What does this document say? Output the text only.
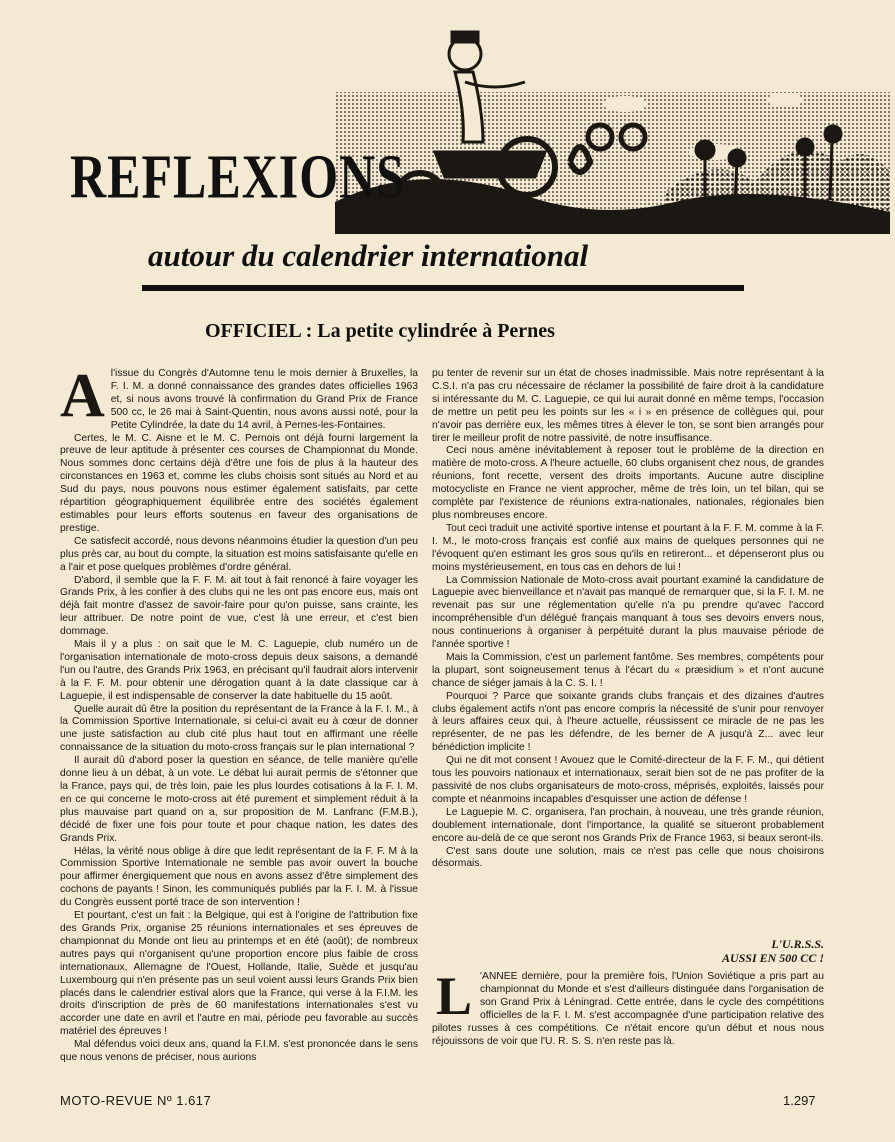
le cross
REFLEXIONS
autour du calendrier international
OFFICIEL : La petite cylindrée à Pernes
A l'issue du Congrès d'Automne tenu le mois dernier à Bruxelles, la F. I. M. a donné connaissance des grandes dates officielles 1963 et, si nous avons trouvé là confirmation du Grand Prix de France 500 cc, le 26 mai à Saint-Quentin, nous avons aussi noté, pour la Petite Cylindrée, la date du 14 avril, à Pernes-les-Fontaines.

Certes, le M. C. Aisne et le M. C. Pernois ont déjà fourni largement la preuve de leur aptitude à présenter ces courses de Championnat du Monde. Nous sommes donc certains déjà d'être une fois de plus à la hauteur des circonstances en 1963 et, comme les clubs choisis sont situés au Nord et au Sud du pays, nous pouvons nous estimer également satisfaits, par cette répartition géographiquement équilibrée entre des sociétés également estimables pour leurs efforts soutenus en faveur des organisations de prestige.

Ce satisfecit accordé, nous devons néanmoins étudier la question d'un peu plus près car, au bout du compte, la situation est moins satisfaisante qu'elle en a l'air et pose quelques problèmes d'ordre général.

D'abord, il semble que la F. F. M. ait tout à fait renoncé à faire voyager les Grands Prix, à les confier à des clubs qui ne les ont pas encore eus, mais ont déjà fait montre d'assez de savoir-faire pour qu'on puisse, sans crainte, les leur attribuer. De notre point de vue, c'est là une erreur, et c'est bien dommage.

Mais il y a plus : on sait que le M. C. Laguepie, club numéro un de l'organisation internationale de moto-cross depuis deux saisons, a demandé l'un ou l'autre, des Grands Prix 1963, en précisant qu'il faudrait alors intervenir à la F. F. M. pour obtenir une dérogation quant à la date classique car à Laguepie, il est indispensable de conserver la date habituelle du 15 août.

Quelle aurait dû être la position du représentant de la France à la F. I. M., à la Commission Sportive Internationale, si celui-ci avait eu à cœur de donner une juste satisfaction au club cité plus haut tout en affirmant une réelle connaissance de la situation du moto-cross français sur le plan international ?

Il aurait dû d'abord poser la question en séance, de telle manière qu'elle donne lieu à un débat, à un vote. Le débat lui aurait permis de s'étonner que la France, pays qui, de très loin, paie les plus lourdes cotisations à la F. I. M. en ce qui concerne le moto-cross ait été purement et simplement réduit à la plus mauvaise part quand on a, sur proposition de M. Lanfranc (F.M.B.), décidé de fixer une fois pour toute et pour chaque nation, les dates des Grands Prix.

Hélas, la vérité nous oblige à dire que ledit représentant de la F. F. M à la Commission Sportive Internationale ne semble pas avoir ouvert la bouche pour affirmer énergiquement que nous en avons assez d'être simplement des cochons de payants ! Sinon, les communiqués publiés par la F. I. M. à l'issue du Congrès eussent porté trace de son intervention !

Et pourtant, c'est un fait : la Belgique, qui est à l'origine de l'attribution fixe des Grands Prix, organise 25 réunions internationales et ses épreuves de championnat du Monde ont lieu au printemps et en été (août); de nombreux autres pays qui n'organisent qu'une proportion encore plus faible de cross internationaux, Allemagne de l'Ouest, Hollande, Italie, Suède et jusqu'au Luxembourg qui n'en présente pas un seul voient aussi leurs Grands Prix bien placés dans le calendrier estival alors que la France, qui verse à la F.I.M. les droits d'inscription de près de 60 manifestations internationales s'est vu accorder une date en avril et l'autre en mai, période peu favorable au succès matériel des épreuves !

Mal défendus voici deux ans, quand la F.I.M. s'est prononcée dans le sens que nous venons de préciser, nous aurions

pu tenter de revenir sur un état de choses inadmissible. Mais notre représentant à la C.S.I. n'a pas cru nécessaire de réclamer la possibilité de faire droit à la candidature si intéressante du M. C. Laguepie, ce qui lui aurait donné en même temps, l'occasion de mettre un petit peu les points sur les « i » en présence de collègues qui, pour n'avoir pas derrière eux, les mêmes titres à élever le ton, se sont bien arrangés pour tirer le meilleur profit de notre passivité, de notre insuffisance.

Ceci nous amène inévitablement à reposer tout le problème de la direction en matière de moto-cross. A l'heure actuelle, 60 clubs organisent chez nous, de grandes réunions, font recette, versent des droits importants. Aucune autre discipline motocycliste en France ne vient approcher, même de très loin, un tel bilan, qui se complète par l'existence de réunions extra-nationales, nationales, régionales bien plus nombreuses encore.

Tout ceci traduit une activité sportive intense et pourtant à la F. F. M. comme à la F. I. M., le moto-cross français est confié aux mains de quelques personnes qui ne l'évoquent qu'en estimant les gros sous qu'ils en retireront... et dépenseront plus ou moins mystérieusement, en tous cas en dehors de lui !

La Commission Nationale de Moto-cross avait pourtant examiné la candidature de Laguepie avec bienveillance et n'avait pas manqué de remarquer que, si la F. I. M. ne revenait pas sur une réglementation qu'elle n'a pu prendre qu'avec l'accord incompréhensible d'un délégué français manquant à tous ses devoirs envers nous, nous continuerions à organiser à perpétuité durant la plus mauvaise période de l'année sportive !

Mais la Commission, c'est un parlement fantôme. Ses membres, compétents pour la plupart, sont soigneusement tenus à l'écart du « præsidium » et n'ont aucune chance de siéger jamais à la C. S. I. !

Pourquoi ? Parce que soixante grands clubs français et des dizaines d'autres clubs également actifs n'ont pas encore compris la nécessité de s'unir pour renvoyer à leurs affaires ceux qui, à l'heure actuelle, réussissent ce miracle de ne pas les représenter, de ne pas les défendre, de les berner de A jusqu'à Z... avec leur bénédiction implicite !

Qui ne dit mot consent ! Avouez que le Comité-directeur de la F. F. M., qui détient tous les pouvoirs nationaux et internationaux, serait bien sot de ne pas profiter de la passivité de nos clubs organisateurs de moto-cross, méprisés, exploités, laissés pour compte et néanmoins incapables d'esquisser une action de défense !

Le Laguepie M. C. organisera, l'an prochain, à nouveau, une très grande réunion, doublement internationale, dont l'importance, la qualité se situeront probablement encore au-delà de ce que seront nos Grands Prix de France 1963, si beaux seront-ils.

C'est sans doute une solution, mais ce n'est pas celle que nous choisirons désormais.

L'U.R.S.S.
AUSSI EN 500 CC !
L 'ANNEE dernière, pour la première fois, l'Union Soviétique a pris part au championnat du Monde et s'est d'ailleurs distinguée dans l'organisation de son Grand Prix à Léningrad. Cette entrée, dans le cycle des compétitions officielles de la F. I. M. s'est accompagnée d'une participation relative des pilotes russes à ces compétitions. Ce n'était encore qu'un début et nous nous réjouissons de voir que l'U. R. S. S. n'en reste pas là.
MOTO-REVUE Nº 1.617	1.297
